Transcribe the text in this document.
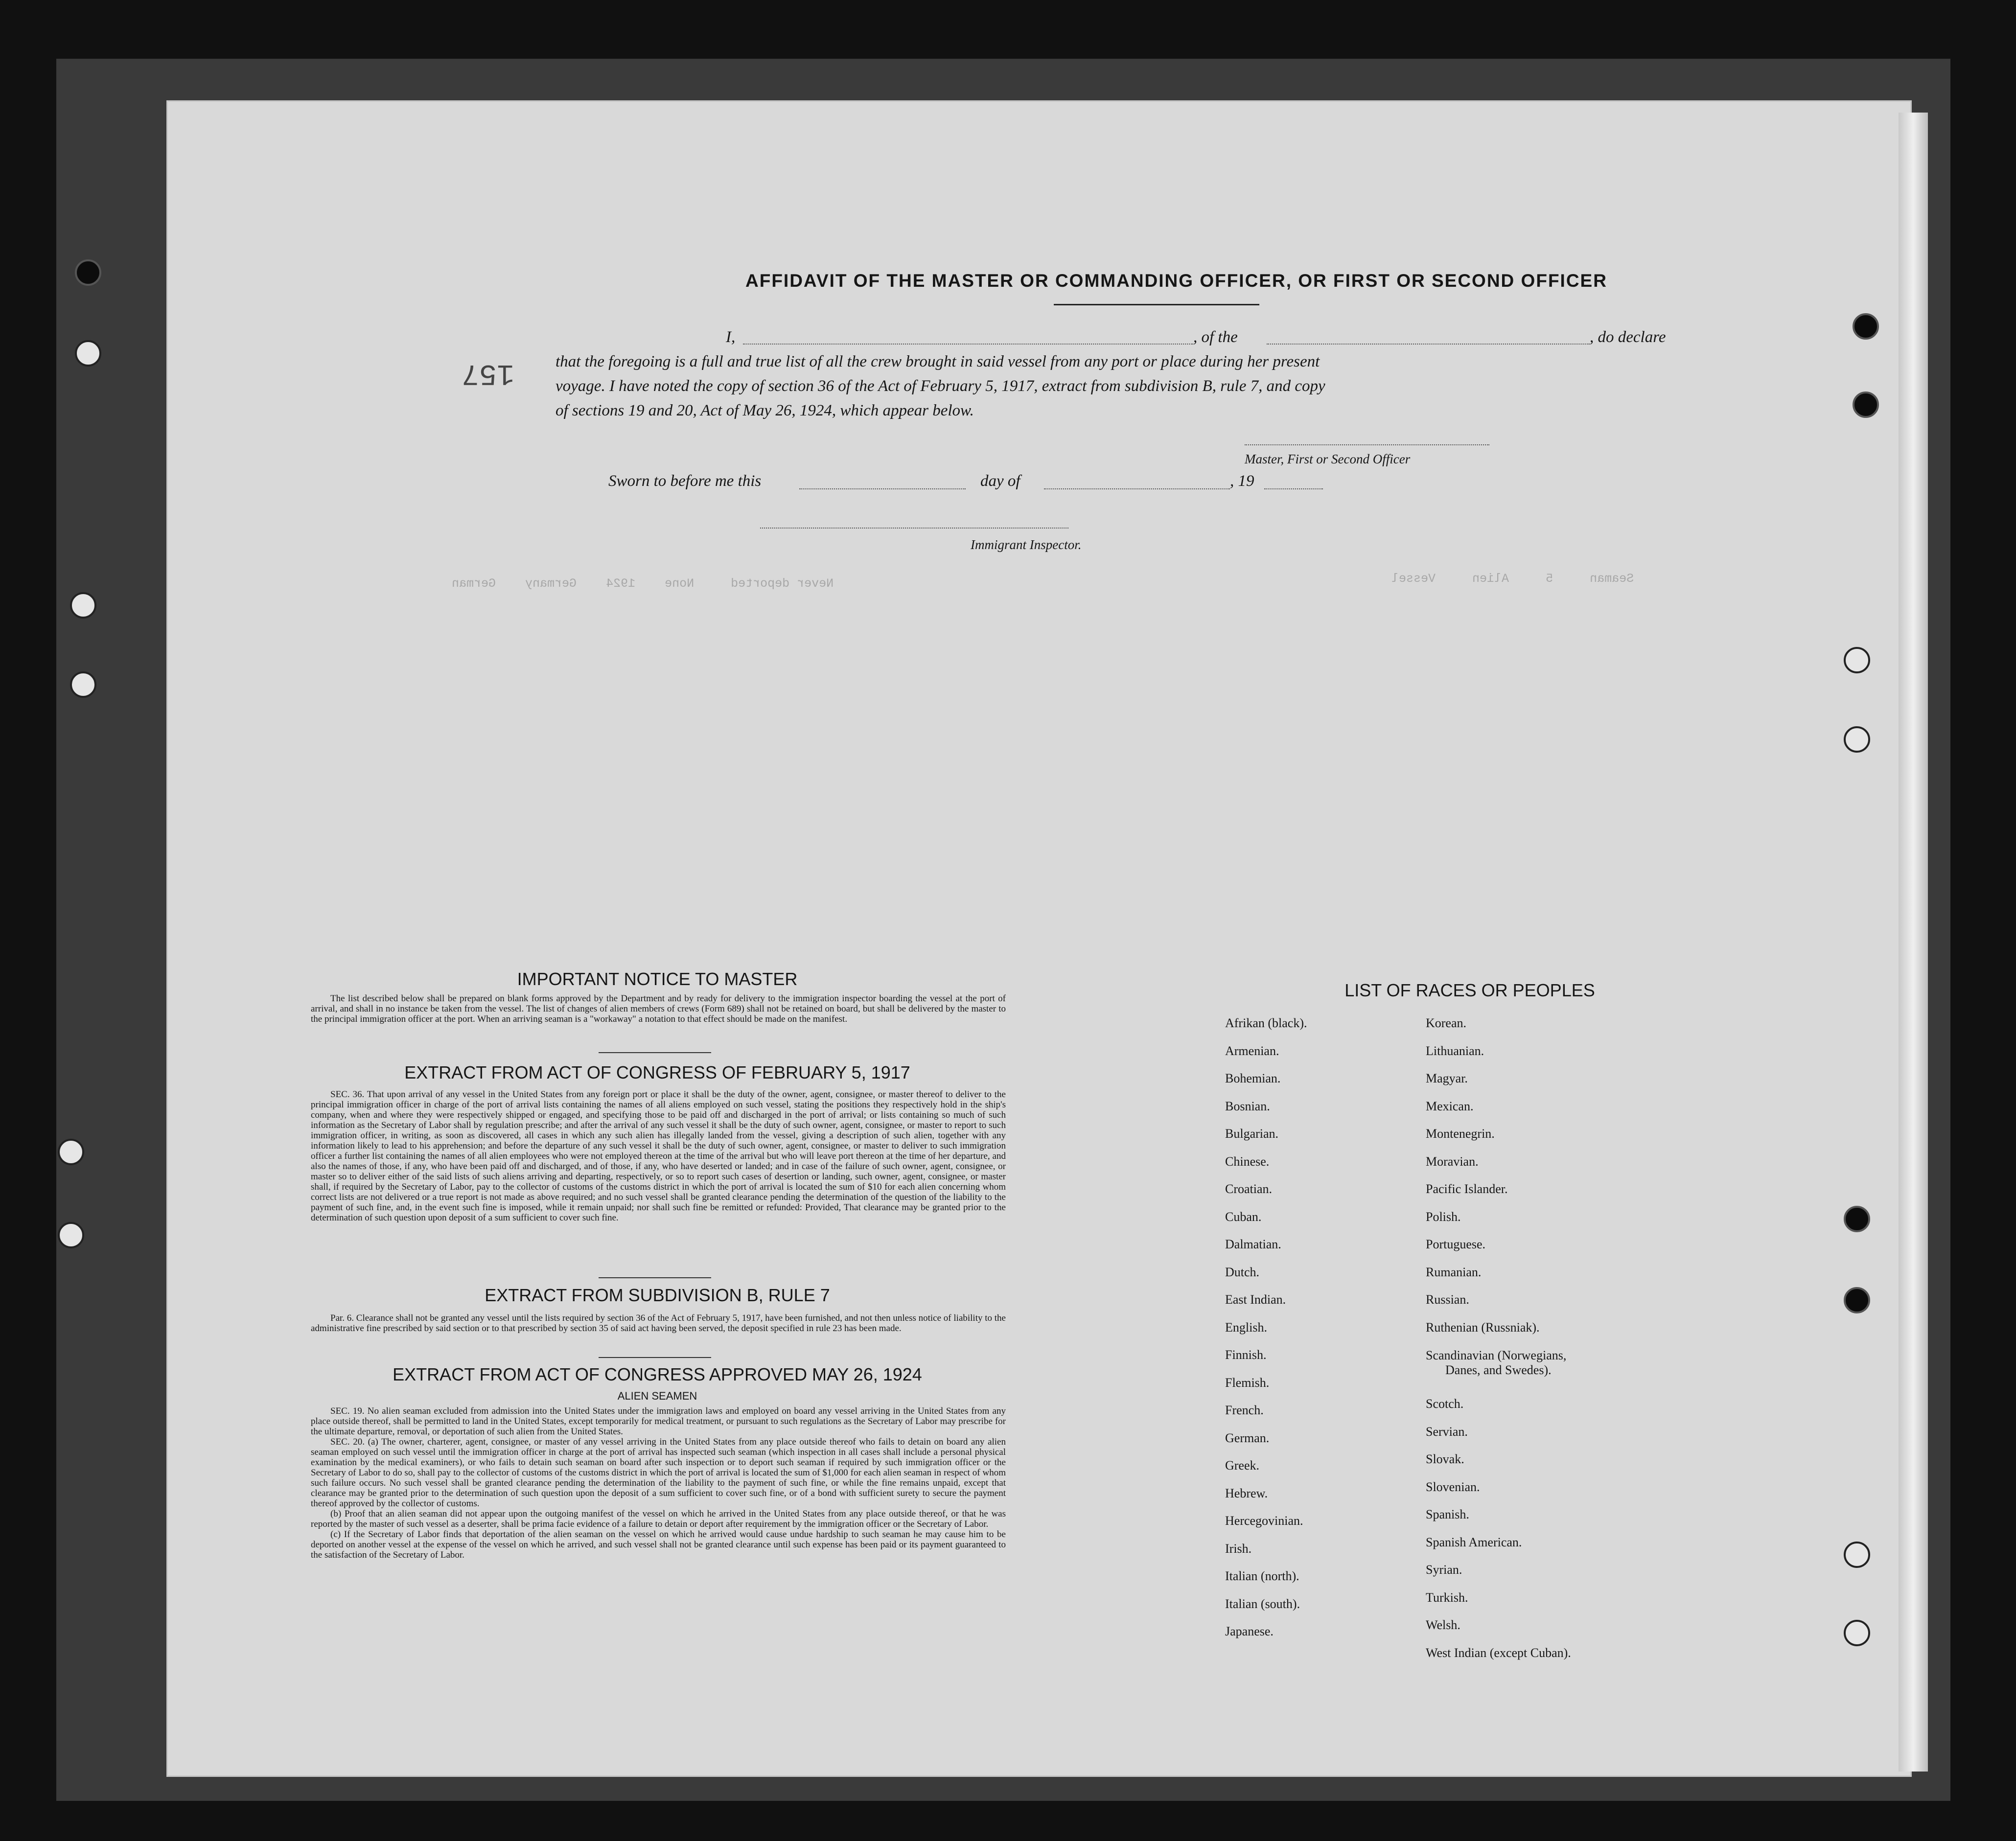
157
Never deported     None    1924    Germany    German	Seaman     5     Alien     Vessel
AFFIDAVIT OF THE MASTER OR COMMANDING OFFICER, OR FIRST OR SECOND OFFICER
I,	, of the	, do declare
that the foregoing is a full and true list of all the crew brought in said vessel from any port or place during her present
voyage. I have noted the copy of section 36 of the Act of February 5, 1917, extract from subdivision B, rule 7, and copy
of sections 19 and 20, Act of May 26, 1924, which appear below.
Master, First or Second Officer
Sworn to before me this	day of	, 19
Immigrant Inspector.
IMPORTANT NOTICE TO MASTER

The list described below shall be prepared on blank forms approved by the Department and by ready for delivery to the immigration inspector boarding the vessel at the port of arrival, and shall in no instance be taken from the vessel. The list of changes of alien members of crews (Form 689) shall not be retained on board, but shall be delivered by the master to the principal immigration officer at the port. When an arriving seaman is a "workaway" a notation to that effect should be made on the manifest.

EXTRACT FROM ACT OF CONGRESS OF FEBRUARY 5, 1917

SEC. 36. That upon arrival of any vessel in the United States from any foreign port or place it shall be the duty of the owner, agent, consignee, or master thereof to deliver to the principal immigration officer in charge of the port of arrival lists containing the names of all aliens employed on such vessel, stating the positions they respectively hold in the ship's company, when and where they were respectively shipped or engaged, and specifying those to be paid off and discharged in the port of arrival; or lists containing so much of such information as the Secretary of Labor shall by regulation prescribe; and after the arrival of any such vessel it shall be the duty of such owner, agent, consignee, or master to report to such immigration officer, in writing, as soon as discovered, all cases in which any such alien has illegally landed from the vessel, giving a description of such alien, together with any information likely to lead to his apprehension; and before the departure of any such vessel it shall be the duty of such owner, agent, consignee, or master to deliver to such immigration officer a further list containing the names of all alien employees who were not employed thereon at the time of the arrival but who will leave port thereon at the time of her departure, and also the names of those, if any, who have been paid off and discharged, and of those, if any, who have deserted or landed; and in case of the failure of such owner, agent, consignee, or master so to deliver either of the said lists of such aliens arriving and departing, respectively, or so to report such cases of desertion or landing, such owner, agent, consignee, or master shall, if required by the Secretary of Labor, pay to the collector of customs of the customs district in which the port of arrival is located the sum of $10 for each alien concerning whom correct lists are not delivered or a true report is not made as above required; and no such vessel shall be granted clearance pending the determination of the question of the liability to the payment of such fine, and, in the event such fine is imposed, while it remain unpaid; nor shall such fine be remitted or refunded: Provided, That clearance may be granted prior to the determination of such question upon deposit of a sum sufficient to cover such fine.

EXTRACT FROM SUBDIVISION B, RULE 7

Par. 6. Clearance shall not be granted any vessel until the lists required by section 36 of the Act of February 5, 1917, have been furnished, and not then unless notice of liability to the administrative fine prescribed by said section or to that prescribed by section 35 of said act having been served, the deposit specified in rule 23 has been made.

EXTRACT FROM ACT OF CONGRESS APPROVED MAY 26, 1924
ALIEN SEAMEN

SEC. 19. No alien seaman excluded from admission into the United States under the immigration laws and employed on board any vessel arriving in the United States from any place outside thereof, shall be permitted to land in the United States, except temporarily for medical treatment, or pursuant to such regulations as the Secretary of Labor may prescribe for the ultimate departure, removal, or deportation of such alien from the United States.

SEC. 20. (a) The owner, charterer, agent, consignee, or master of any vessel arriving in the United States from any place outside thereof who fails to detain on board any alien seaman employed on such vessel until the immigration officer in charge at the port of arrival has inspected such seaman (which inspection in all cases shall include a personal physical examination by the medical examiners), or who fails to detain such seaman on board after such inspection or to deport such seaman if required by such immigration officer or the Secretary of Labor to do so, shall pay to the collector of customs of the customs district in which the port of arrival is located the sum of $1,000 for each alien seaman in respect of whom such failure occurs. No such vessel shall be granted clearance pending the determination of the liability to the payment of such fine, or while the fine remains unpaid, except that clearance may be granted prior to the determination of such question upon the deposit of a sum sufficient to cover such fine, or of a bond with sufficient surety to secure the payment thereof approved by the collector of customs.

(b) Proof that an alien seaman did not appear upon the outgoing manifest of the vessel on which he arrived in the United States from any place outside thereof, or that he was reported by the master of such vessel as a deserter, shall be prima facie evidence of a failure to detain or deport after requirement by the immigration officer or the Secretary of Labor.

(c) If the Secretary of Labor finds that deportation of the alien seaman on the vessel on which he arrived would cause undue hardship to such seaman he may cause him to be deported on another vessel at the expense of the vessel on which he arrived, and such vessel shall not be granted clearance until such expense has been paid or its payment guaranteed to the satisfaction of the Secretary of Labor.

LIST OF RACES OR PEOPLES
Afrikan (black).
Armenian.
Bohemian.
Bosnian.
Bulgarian.
Chinese.
Croatian.
Cuban.
Dalmatian.
Dutch.
East Indian.
English.
Finnish.
Flemish.
French.
German.
Greek.
Hebrew.
Hercegovinian.
Irish.
Italian (north).
Italian (south).
Japanese.
Korean.
Lithuanian.
Magyar.
Mexican.
Montenegrin.
Moravian.
Pacific Islander.
Polish.
Portuguese.
Rumanian.
Russian.
Ruthenian (Russniak).
Scandinavian (Norwegians,
Danes, and Swedes).
Scotch.
Servian.
Slovak.
Slovenian.
Spanish.
Spanish American.
Syrian.
Turkish.
Welsh.
West Indian (except Cuban).
